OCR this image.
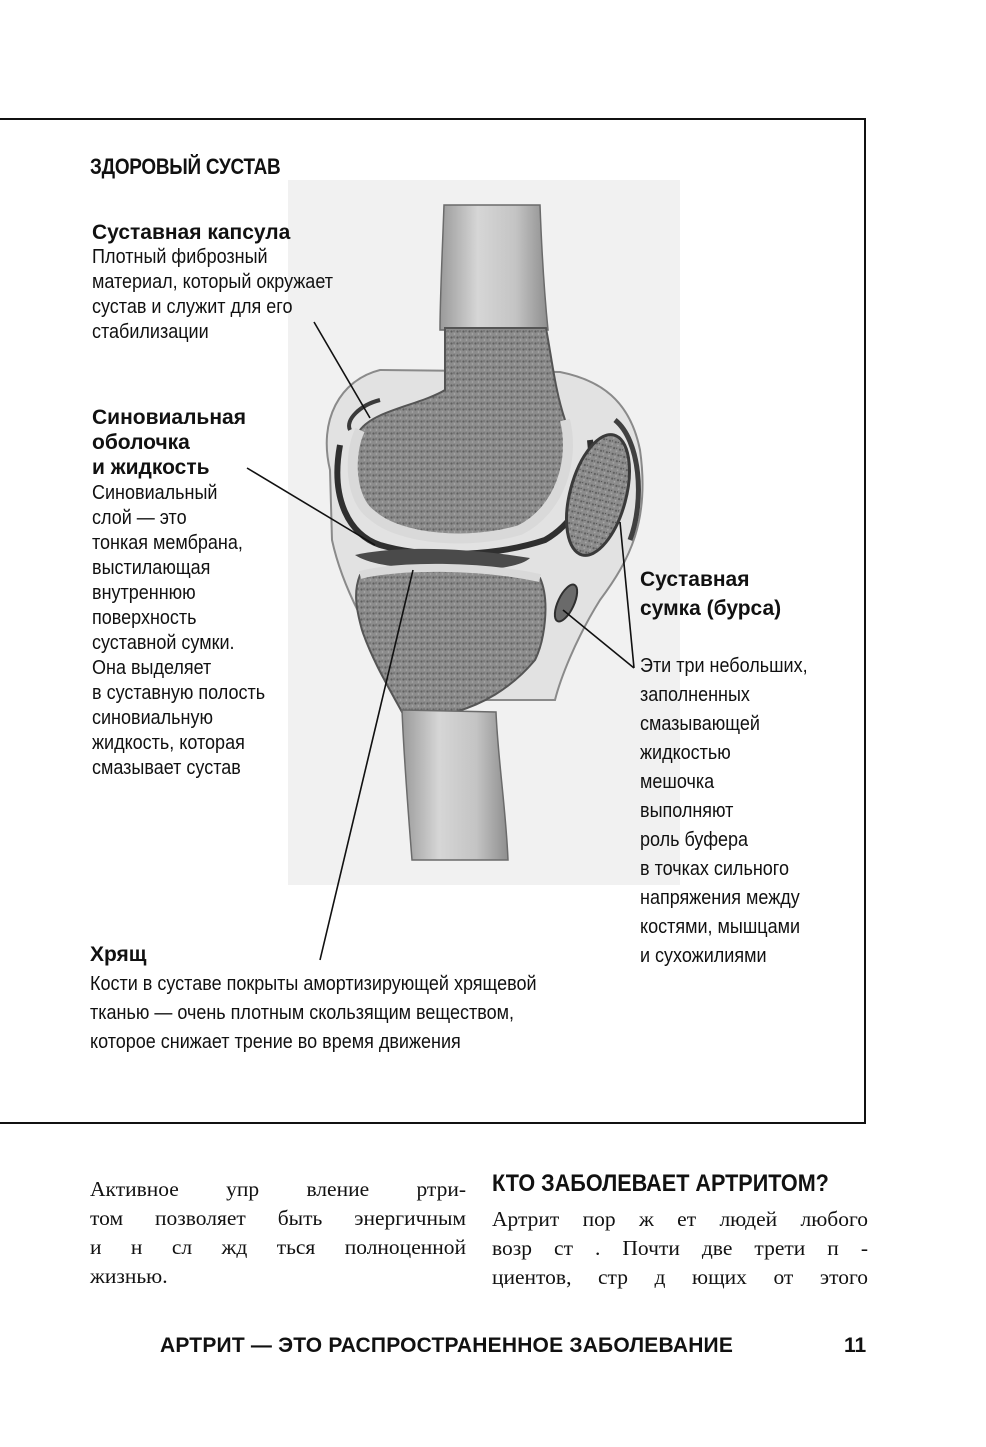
ЗДОРОВЫЙ СУСТАВ
Суставная капсула
Плотный фиброзный
материал, который окружает
сустав и служит для его
стабилизации
Синовиальная
оболочка
и жидкость
Синовиальный
слой — это
тонкая мембрана,
выстилающая
внутреннюю
поверхность
суставной сумки.
Она выделяет
в суставную полость
синовиальную
жидкость, которая
смазывает сустав
Суставная
сумка (бурса)
Эти три небольших,
заполненных
смазывающей
жидкостью
мешочка
выполняют
роль буфера
в точках сильного
напряжения между
костями, мышцами
и сухожилиями
Хрящ
Кости в суставе покрыты амортизирующей хрящевой
тканью — очень плотным скользящим веществом,
которое снижает трение во время движения
Активное упр вление ртри-
том позволяет быть энергичным
и н сл жд ться полноценной
жизнью.
КТО ЗАБОЛЕВАЕТ АРТРИТОМ?
Артрит пор ж ет людей любого
возр ст . Почти две трети п -
циентов, стр д ющих от этого
АРТРИТ — ЭТО РАСПРОСТРАНЕННОЕ ЗАБОЛЕВАНИЕ	11
